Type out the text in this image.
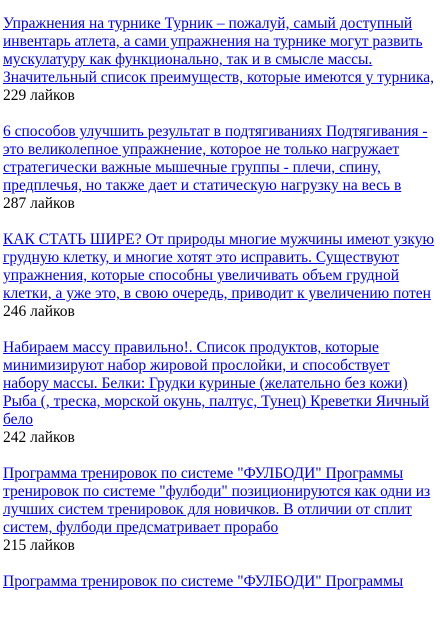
Упражнения на турнике Турник – пожалуй, самый доступный инвентарь атлета, а сами упражнения на турнике могут развить мускулатуру как функционально, так и в смысле массы. Значительный список преимуществ, которые имеются у турника,
229 лайков
6 способов улучшить результат в подтягиваниях Подтягивания - это великолепное упражнение, которое не только нагружает стратегически важные мышечные группы - плечи, спину, предплечья, но также дает и статическую нагрузку на весь в
287 лайков
КАК СТАТЬ ШИРЕ? От природы многие мужчины имеют узкую грудную клетку, и многие хотят это исправить. Существуют упражнения, которые способны увеличивать объем грудной клетки, а уже это, в свою очередь, приводит к увеличению потен
246 лайков
Набираем массу правильно!. Список продуктов, которые минимизируют набор жировой прослойки, и способствует набору массы. Белки: Грудки куриные (желательно без кожи) Рыба (, треска, морской окунь, палтус, Тунец) Креветки Яичный бело
242 лайков
Программа тренировок по системе "ФУЛБОДИ" Программы тренировок по системе "фулбоди" позиционируются как одни из лучших систем тренировок для новичков. В отличии от сплит систем, фулбоди предсматривает прорабо
215 лайков
Программа тренировок по системе "ФУЛБОДИ" Программы
